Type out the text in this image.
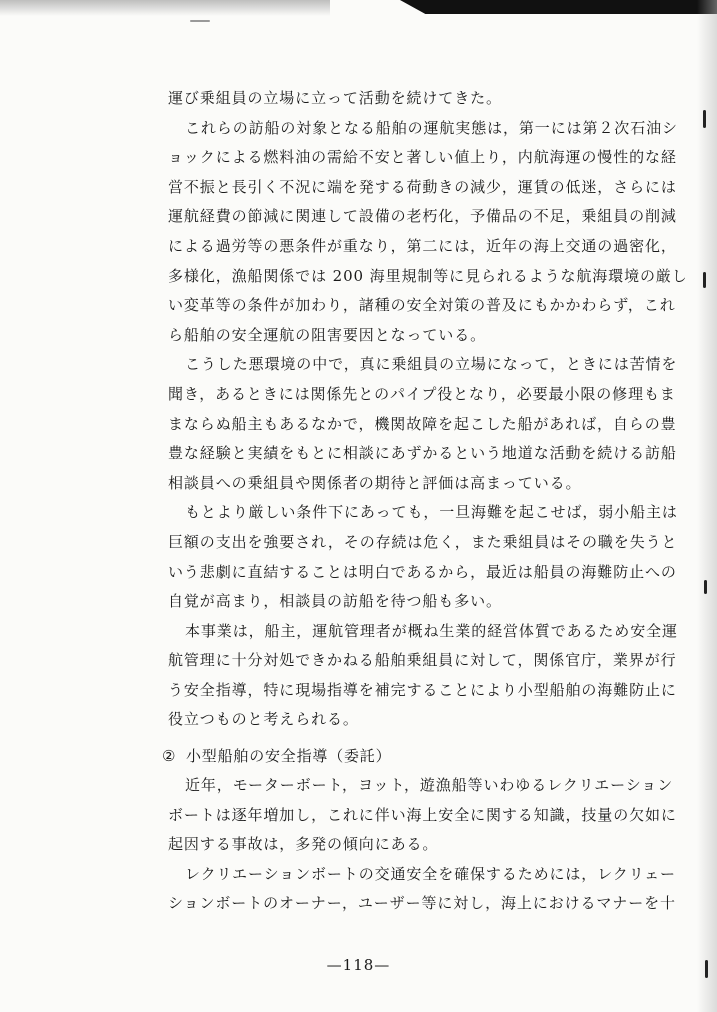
運び乗組員の立場に立って活動を続けてきた。
これらの訪船の対象となる船舶の運航実態は，第一には第２次石油シ
ョックによる燃料油の需給不安と著しい値上り，内航海運の慢性的な経
営不振と長引く不況に端を発する荷動きの減少，運賃の低迷，さらには
運航経費の節減に関連して設備の老朽化，予備品の不足，乗組員の削減
による過労等の悪条件が重なり，第二には，近年の海上交通の過密化，
多様化，漁船関係では 200 海里規制等に見られるような航海環境の厳し
い変革等の条件が加わり，諸種の安全対策の普及にもかかわらず，これ
ら船舶の安全運航の阻害要因となっている。
こうした悪環境の中で，真に乗組員の立場になって，ときには苦情を
聞き，あるときには関係先とのパイプ役となり，必要最小限の修理もま
まならぬ船主もあるなかで，機関故障を起こした船があれば，自らの豊
豊な経験と実績をもとに相談にあずかるという地道な活動を続ける訪船
相談員への乗組員や関係者の期待と評価は高まっている。
もとより厳しい条件下にあっても，一旦海難を起こせば，弱小船主は
巨額の支出を強要され，その存続は危く，また乗組員はその職を失うと
いう悲劇に直結することは明白であるから，最近は船員の海難防止への
自覚が高まり，相談員の訪船を待つ船も多い。
本事業は，船主，運航管理者が概ね生業的経営体質であるため安全運
航管理に十分対処できかねる船舶乗組員に対して，関係官庁，業界が行
う安全指導，特に現場指導を補完することにより小型船舶の海難防止に
役立つものと考えられる。
② 小型船舶の安全指導（委託）
近年，モーターボート，ヨット，遊漁船等いわゆるレクリエーション
ボートは逐年増加し，これに伴い海上安全に関する知識，技量の欠如に
起因する事故は，多発の傾向にある。
レクリエーションボートの交通安全を確保するためには，レクリェー
ションボートのオーナー，ユーザー等に対し，海上におけるマナーを十
—118—
